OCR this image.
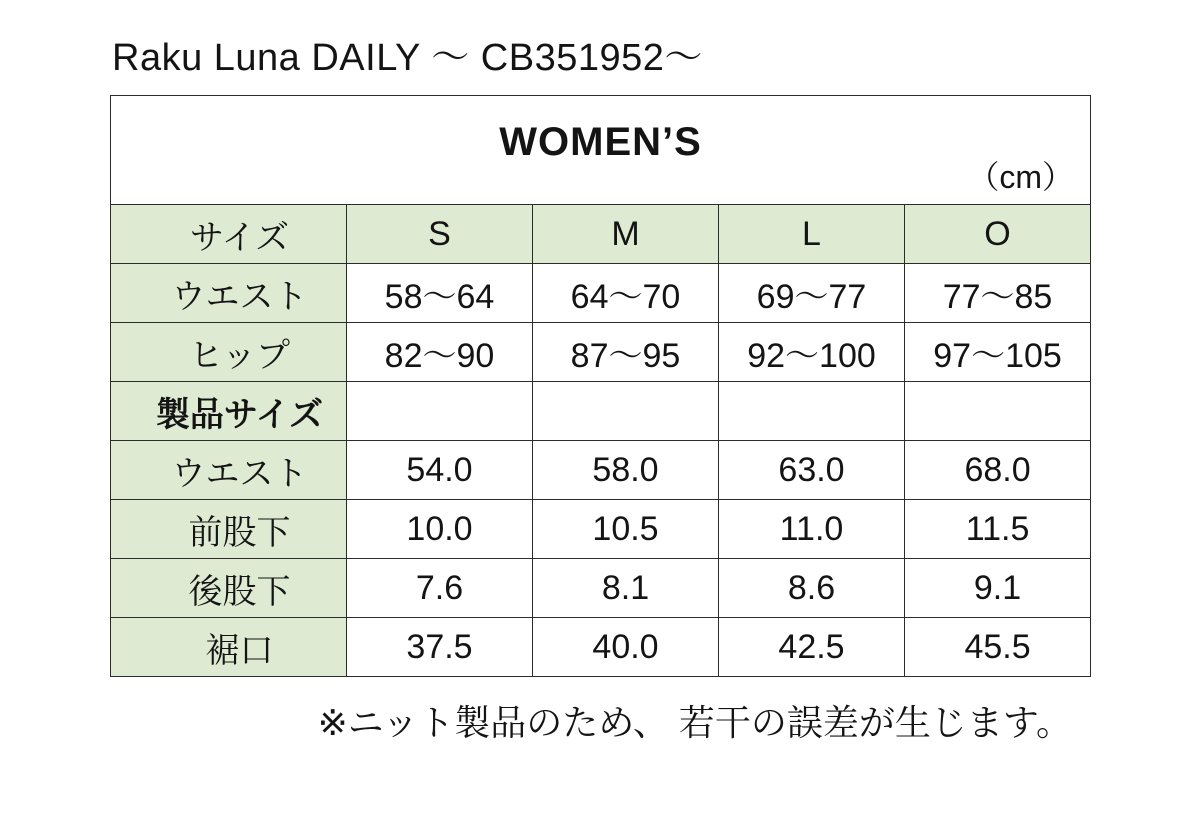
Raku Luna DAILY 〜 CB351952〜
WOMEN’S
（cm）				

サイズ	S	M	L	O
ウエスト	58〜64	64〜70	69〜77	77〜85
ヒップ	82〜90	87〜95	92〜100	97〜105
製品サイズ				
ウエスト	54.0	58.0	63.0	68.0
前股下	10.0	10.5	11.0	11.5
後股下	7.6	8.1	8.6	9.1
裾口	37.5	40.0	42.5	45.5
※ニット製品のため、 若干の誤差が生じます。
